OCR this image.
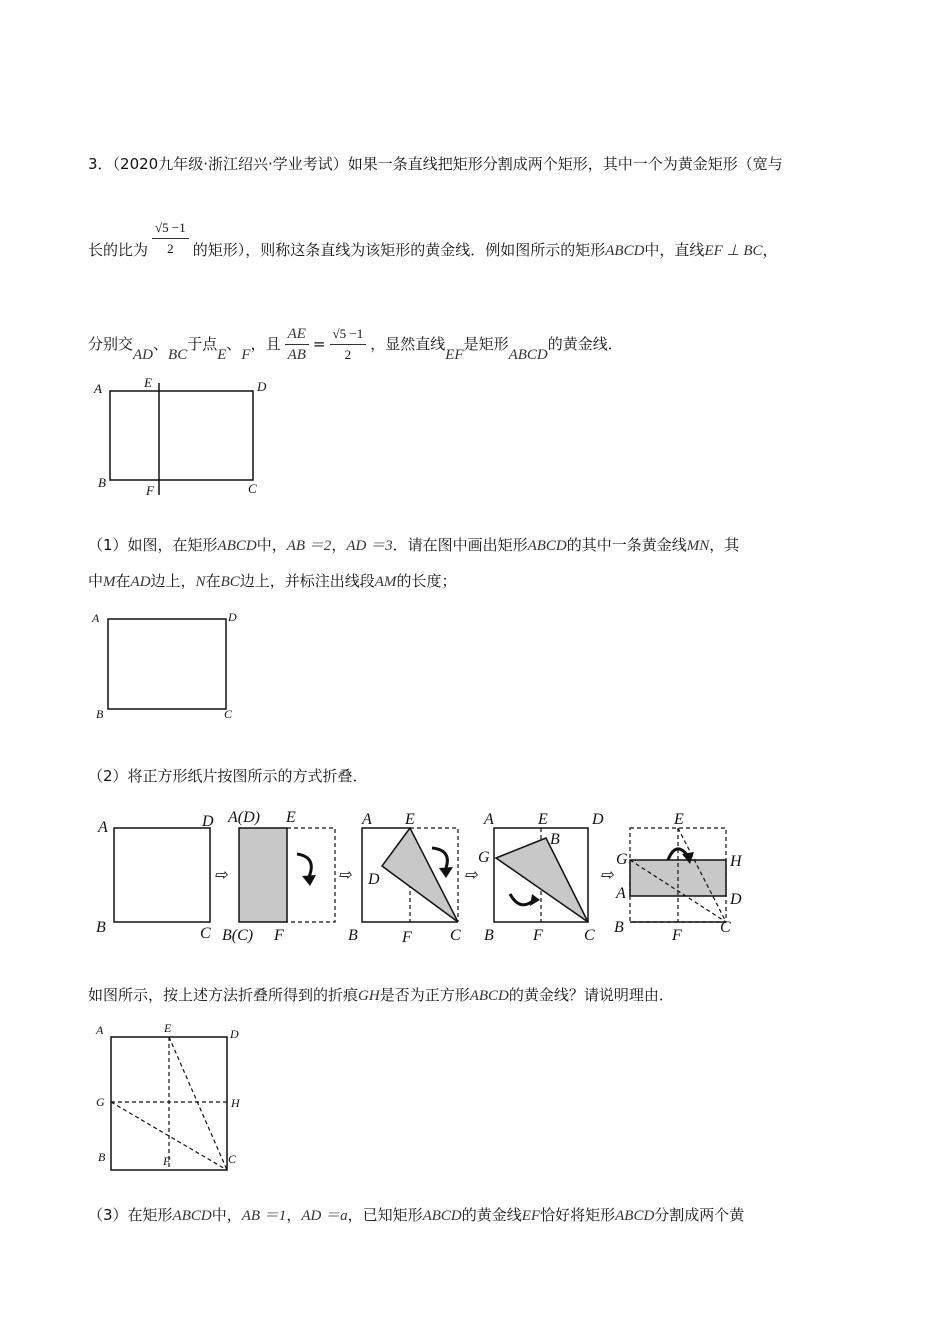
3．（2020九年级·浙江绍兴·学业考试）如果一条直线把矩形分割成两个矩形，其中一个为黄金矩形（宽与
长的比为 $\frac{√5 -1}{2}$ 的矩形），则称这条直线为该矩形的黄金线．例如图所示的矩形ABCD中，直线EF ⊥ BC，
分别交AD、BC于点E、F，且 $\frac{AE}{AB} = \frac{√5 -1}{2}$ ，显然直线EF是矩形ABCD的黄金线．
A	D
E
B
F	C
（1）如图，在矩形ABCD中，AB ＝2，AD ＝3．请在图中画出矩形ABCD的其中一条黄金线MN，其
中M在AD边上，N在BC边上，并标注出线段AM的长度；
A	D
B	C
（2）将正方形纸片按图所示的方式折叠．
A	D
B	C
⇨
A(D) E
B(C) F
⇨
A E
D
B	F C
⇨
A	E	D
B
G
B F	C
⇨
E
G	H
A	D
B	F C
如图所示，按上述方法折叠所得到的折痕GH是否为正方形ABCD的黄金线？请说明理由．
A	E	D
G	H
B	F	C
（3）在矩形ABCD中，AB ＝1，AD ＝a，已知矩形ABCD的黄金线EF恰好将矩形ABCD分割成两个黄
